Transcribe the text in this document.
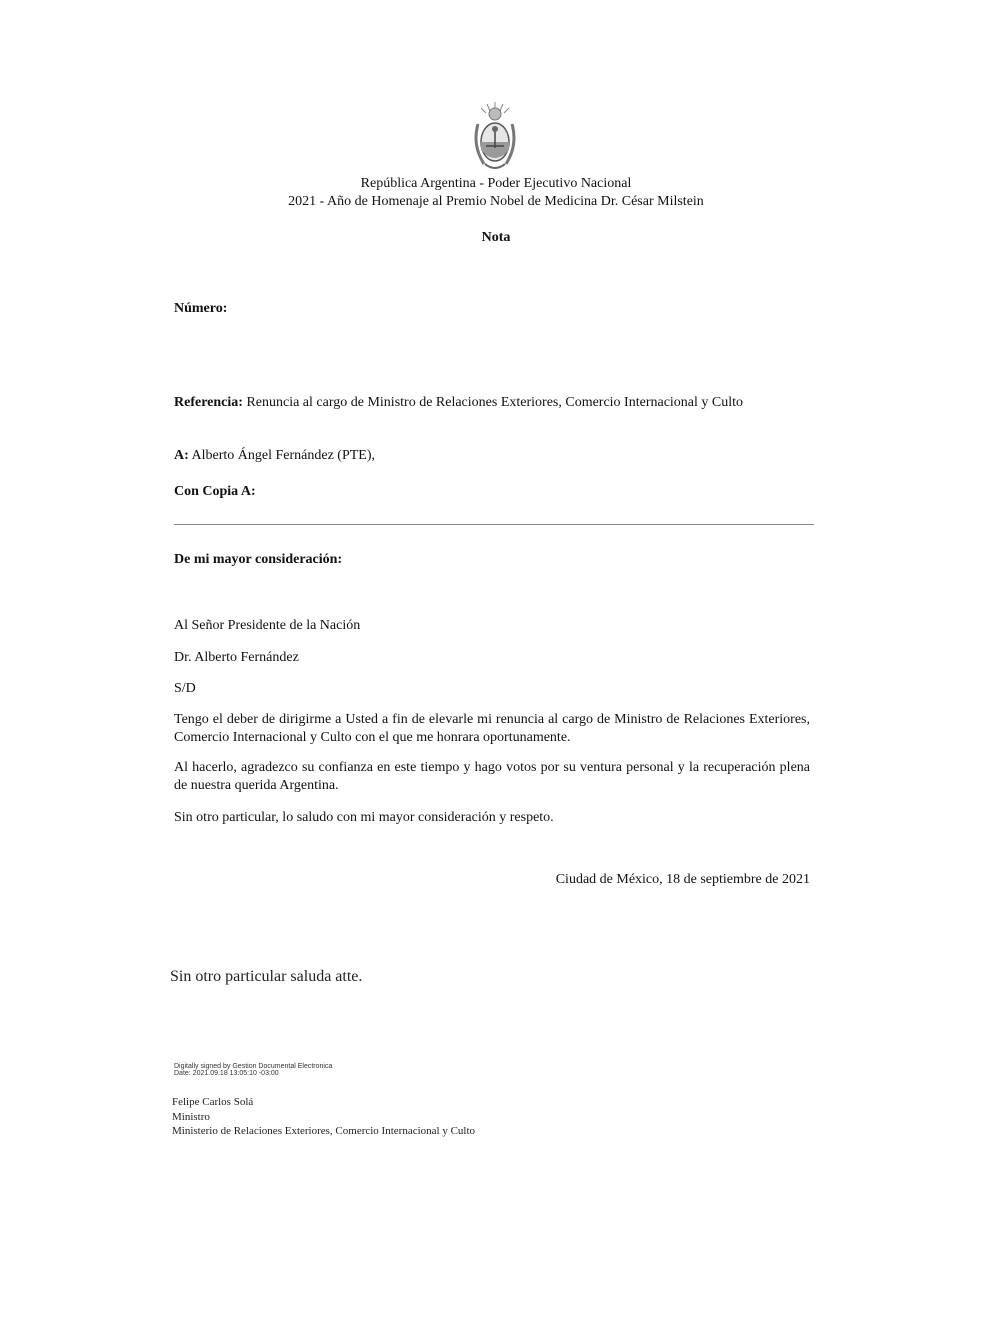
República Argentina - Poder Ejecutivo Nacional
2021 - Año de Homenaje al Premio Nobel de Medicina Dr. César Milstein
Nota
Número:
Referencia: Renuncia al cargo de Ministro de Relaciones Exteriores, Comercio Internacional y Culto
A: Alberto Ángel Fernández (PTE),
Con Copia A:
De mi mayor consideración:
Al Señor Presidente de la Nación
Dr. Alberto Fernández
S/D
Tengo el deber de dirigirme a Usted a fin de elevarle mi renuncia al cargo de Ministro de Relaciones Exteriores, Comercio Internacional y Culto con el que me honrara oportunamente.
Al hacerlo, agradezco su confianza en este tiempo y hago votos por su ventura personal y la recuperación plena de nuestra querida Argentina.
Sin otro particular, lo saludo con mi mayor consideración y respeto.
Ciudad de México, 18 de septiembre de 2021
Sin otro particular saluda atte.
Digitally signed by Gestion Documental Electronica
Date: 2021.09.18 13:05:10 -03:00
Felipe Carlos Solá
Ministro
Ministerio de Relaciones Exteriores, Comercio Internacional y Culto
